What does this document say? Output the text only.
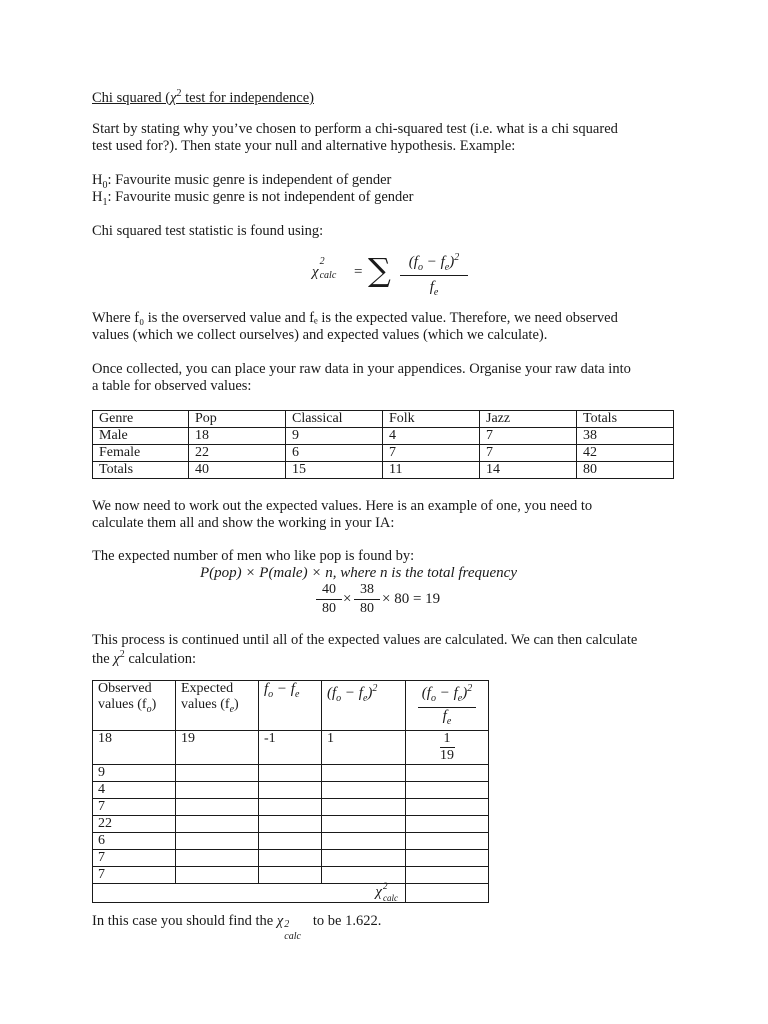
Chi squared ($\chi^2$ test for independence)
Start by stating why you’ve chosen to perform a chi-squared test (i.e. what is a chi squared
test used for?). Then state your null and alternative hypothesis. Example:
$H_0$: Favourite music genre is independent of gender
$H_1$: Favourite music genre is not independent of gender
Chi squared test statistic is found using:
χ
2
calc = ∑ $\frac{(f_o - f_e)^2}{f_e}$
Where f₀ is the overserved value and fₑ is the expected value. Therefore, we need observed
values (which we collect ourselves) and expected values (which we calculate).
Once collected, you can place your raw data in your appendices. Organise your raw data into
a table for observed values:
Genre	Pop	Classical	Folk	Jazz	Totals
Male	18	9	4	7	38
Female	22	6	7	7	42
Totals	40	15	11	14	80
We now need to work out the expected values. Here is an example of one, you need to
calculate them all and show the working in your IA:
The expected number of men who like pop is found by:
P(pop) × P(male) × n, where n is the total frequency
$\frac{40}{80} \times \frac{38}{80} \times 80 = 19$
This process is continued until all of the expected values are calculated. We can then calculate
the $\chi^2$ calculation:
Observed
values $(f_o)$	Expected
values $(f_e)$	$f_o - f_e$	$(f_o - f_e)^2$	$\frac{(f_o - f_e)^2}{f_e}$

18	19	-1	1	$\frac{1}{19}$

9				
4				
7				
22				
6				
7				
7				
χ 2
calc				

In this case you should find the χ 2
calc
to be 1.622.
